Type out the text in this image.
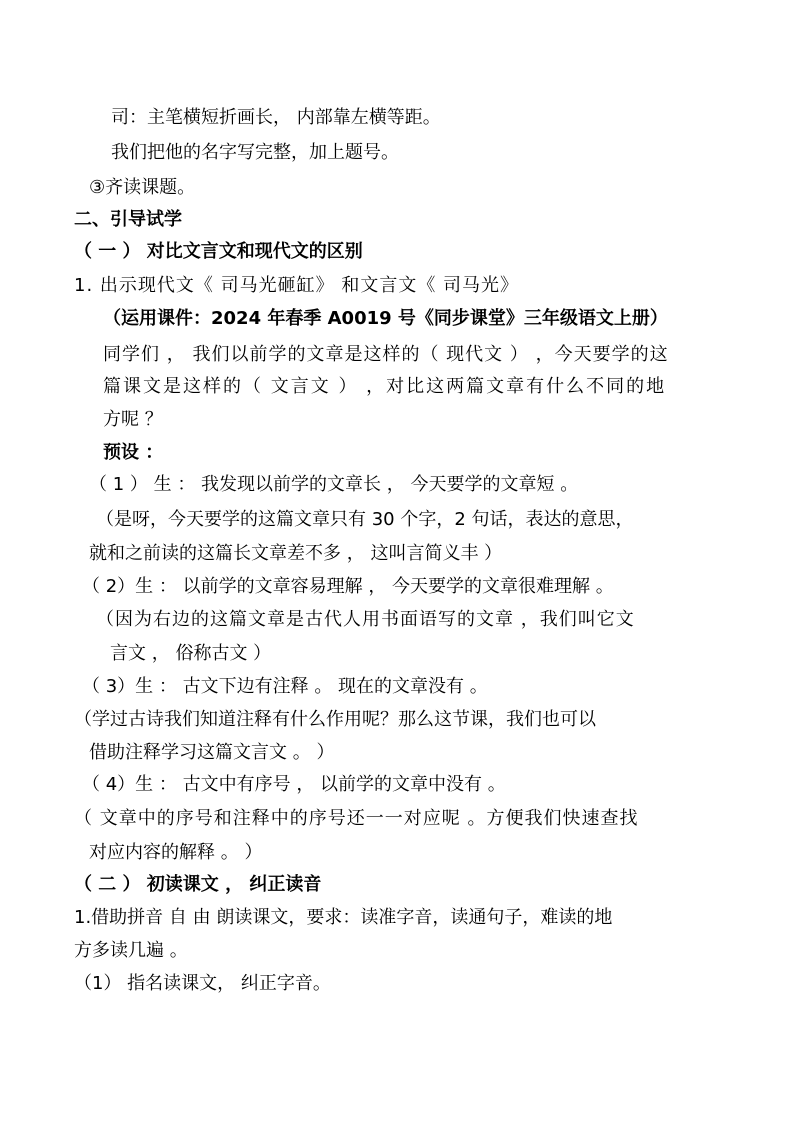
司：主笔横短折画长， 内部靠左横等距。
我们把他的名字写完整，加上题号。
③齐读课题。
二、引导试学
（ 一 ） 对比文言文和现代文的区别
1. 出示现代文《 司马光砸缸》 和文言文《 司马光》
（运用课件：2024 年春季 A0019 号《同步课堂》三年级语文上册）
同学们 ， 我们以前学的文章是这样的（ 现代文 ） ，今天要学的这
篇课文是这样的（ 文言文 ） ，对比这两篇文章有什么不同的地
方呢 ？
预设 ：
（ 1 ） 生 ： 我发现以前学的文章长 ， 今天要学的文章短 。
（是呀，今天要学的这篇文章只有 30 个字，2 句话，表达的意思，
就和之前读的这篇长文章差不多 ， 这叫言简义丰 ）
（ 2）生 ： 以前学的文章容易理解 ， 今天要学的文章很难理解 。
（因为右边的这篇文章是古代人用书面语写的文章 ，我们叫它文
言文 ， 俗称古文 ）
（ 3）生 ： 古文下边有注释 。 现在的文章没有 。
（学过古诗我们知道注释有什么作用呢？那么这节课，我们也可以
借助注释学习这篇文言文 。 ）
（ 4）生 ： 古文中有序号 ， 以前学的文章中没有 。
（ 文章中的序号和注释中的序号还一一对应呢 。方便我们快速查找
对应内容的解释 。 ）
（ 二 ） 初读课文 ， 纠正读音
1.借助拼音 自 由 朗读课文，要求：读准字音，读通句子，难读的地
方多读几遍 。
（1） 指名读课文， 纠正字音。
